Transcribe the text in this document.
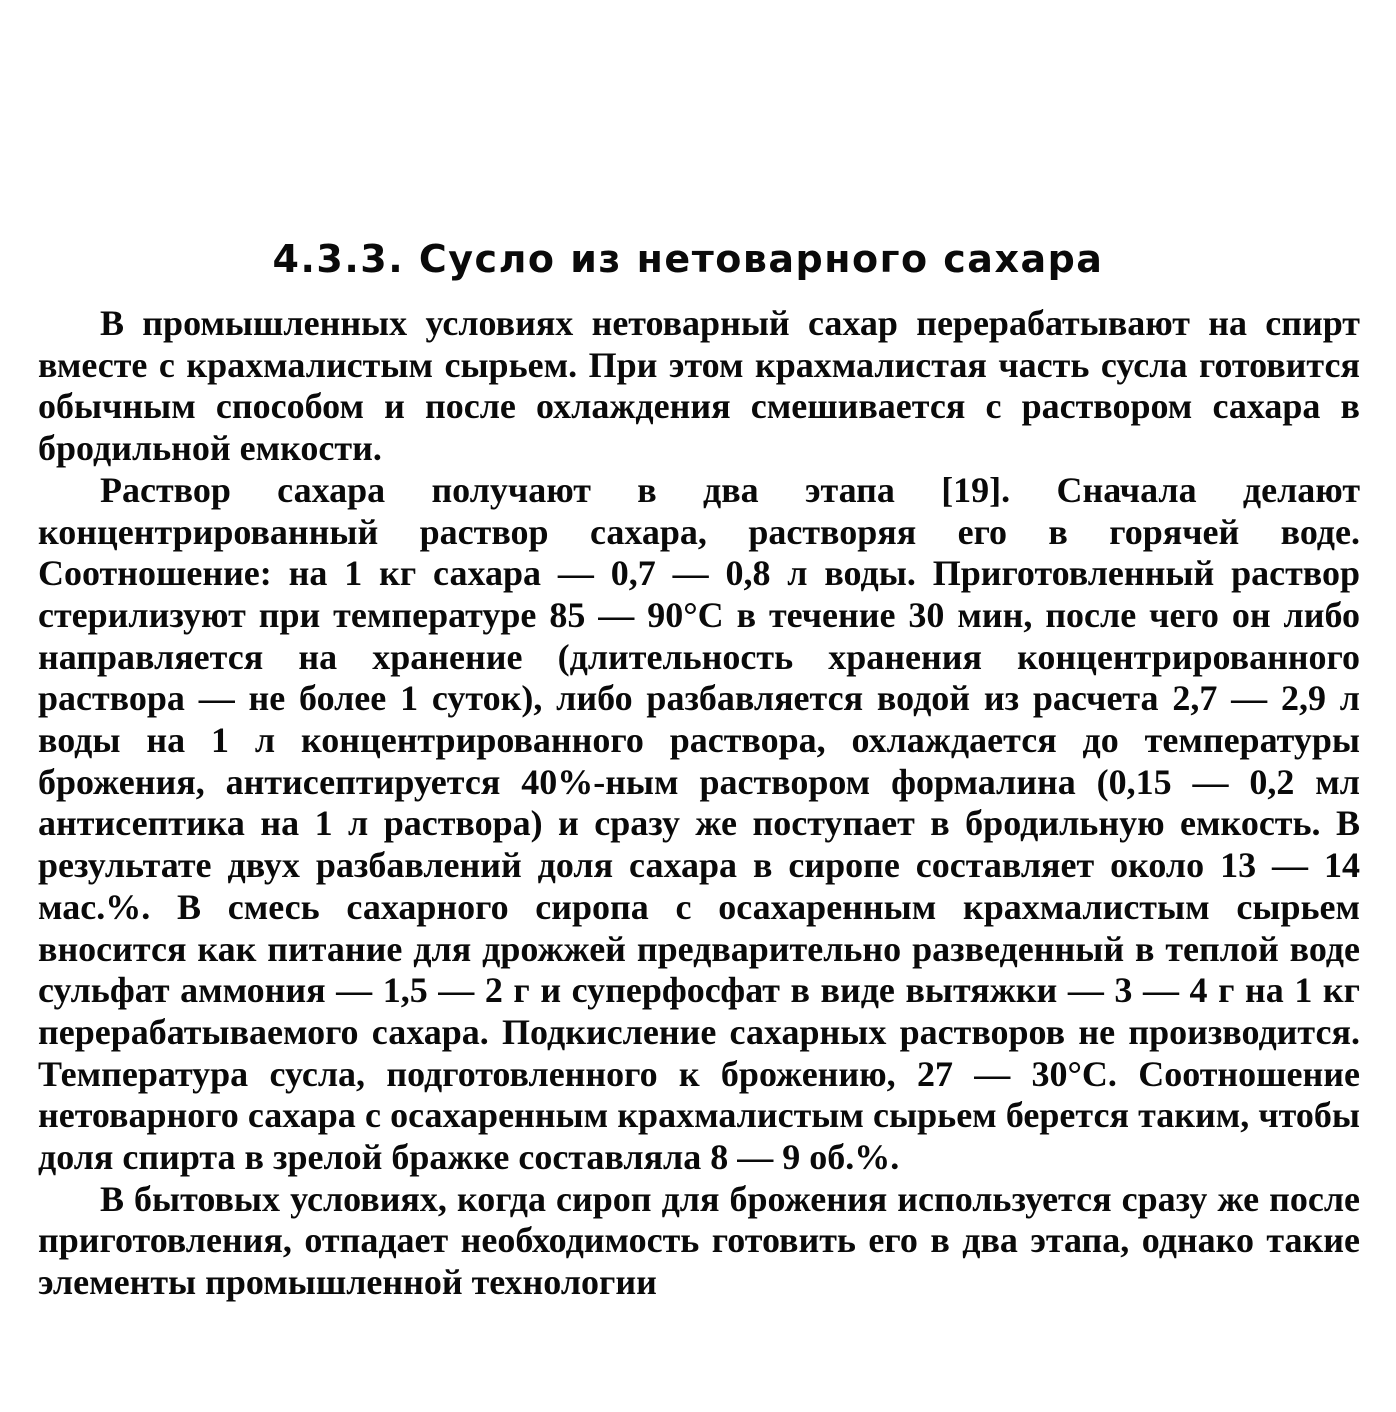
4.3.3. Сусло из нетоварного сахара

В промышленных условиях нетоварный сахар перерабатывают на спирт вместе с крахмалистым сырьем. При этом крахмалистая часть сусла готовится обычным способом и после охлаждения смешивается с раствором сахара в бродильной емкости.

Раствор сахара получают в два этапа [19]. Сначала делают концентрированный раствор сахара, растворяя его в горячей воде. Соотношение: на 1 кг сахара — 0,7 — 0,8 л воды. Приготовленный раствор стерилизуют при температуре 85 — 90°С в течение 30 мин, после чего он либо направляется на хранение (длительность хранения концентрированного раствора — не более 1 суток), либо разбавляется водой из расчета 2,7 — 2,9 л воды на 1 л концентрированного раствора, охлаждается до температуры брожения, антисептируется 40%-ным раствором формалина (0,15 — 0,2 мл антисептика на 1 л раствора) и сразу же поступает в бродильную емкость. В результате двух разбавлений доля сахара в сиропе составляет около 13 — 14 мас.%. В смесь сахарного сиропа с осахаренным крахмалистым сырьем вносится как питание для дрожжей предварительно разведенный в теплой воде сульфат аммония — 1,5 — 2 г и суперфосфат в виде вытяжки — 3 — 4 г на 1 кг перерабатываемого сахара. Подкисление сахарных растворов не производится. Температура сусла, подготовленного к брожению, 27 — 30°С. Соотношение нетоварного сахара с осахаренным крахмалистым сырьем берется таким, чтобы доля спирта в зрелой бражке составляла 8 — 9 об.%.

В бытовых условиях, когда сироп для брожения используется сразу же после приготовления, отпадает необходимость готовить его в два этапа, однако такие элементы промышленной технологии
